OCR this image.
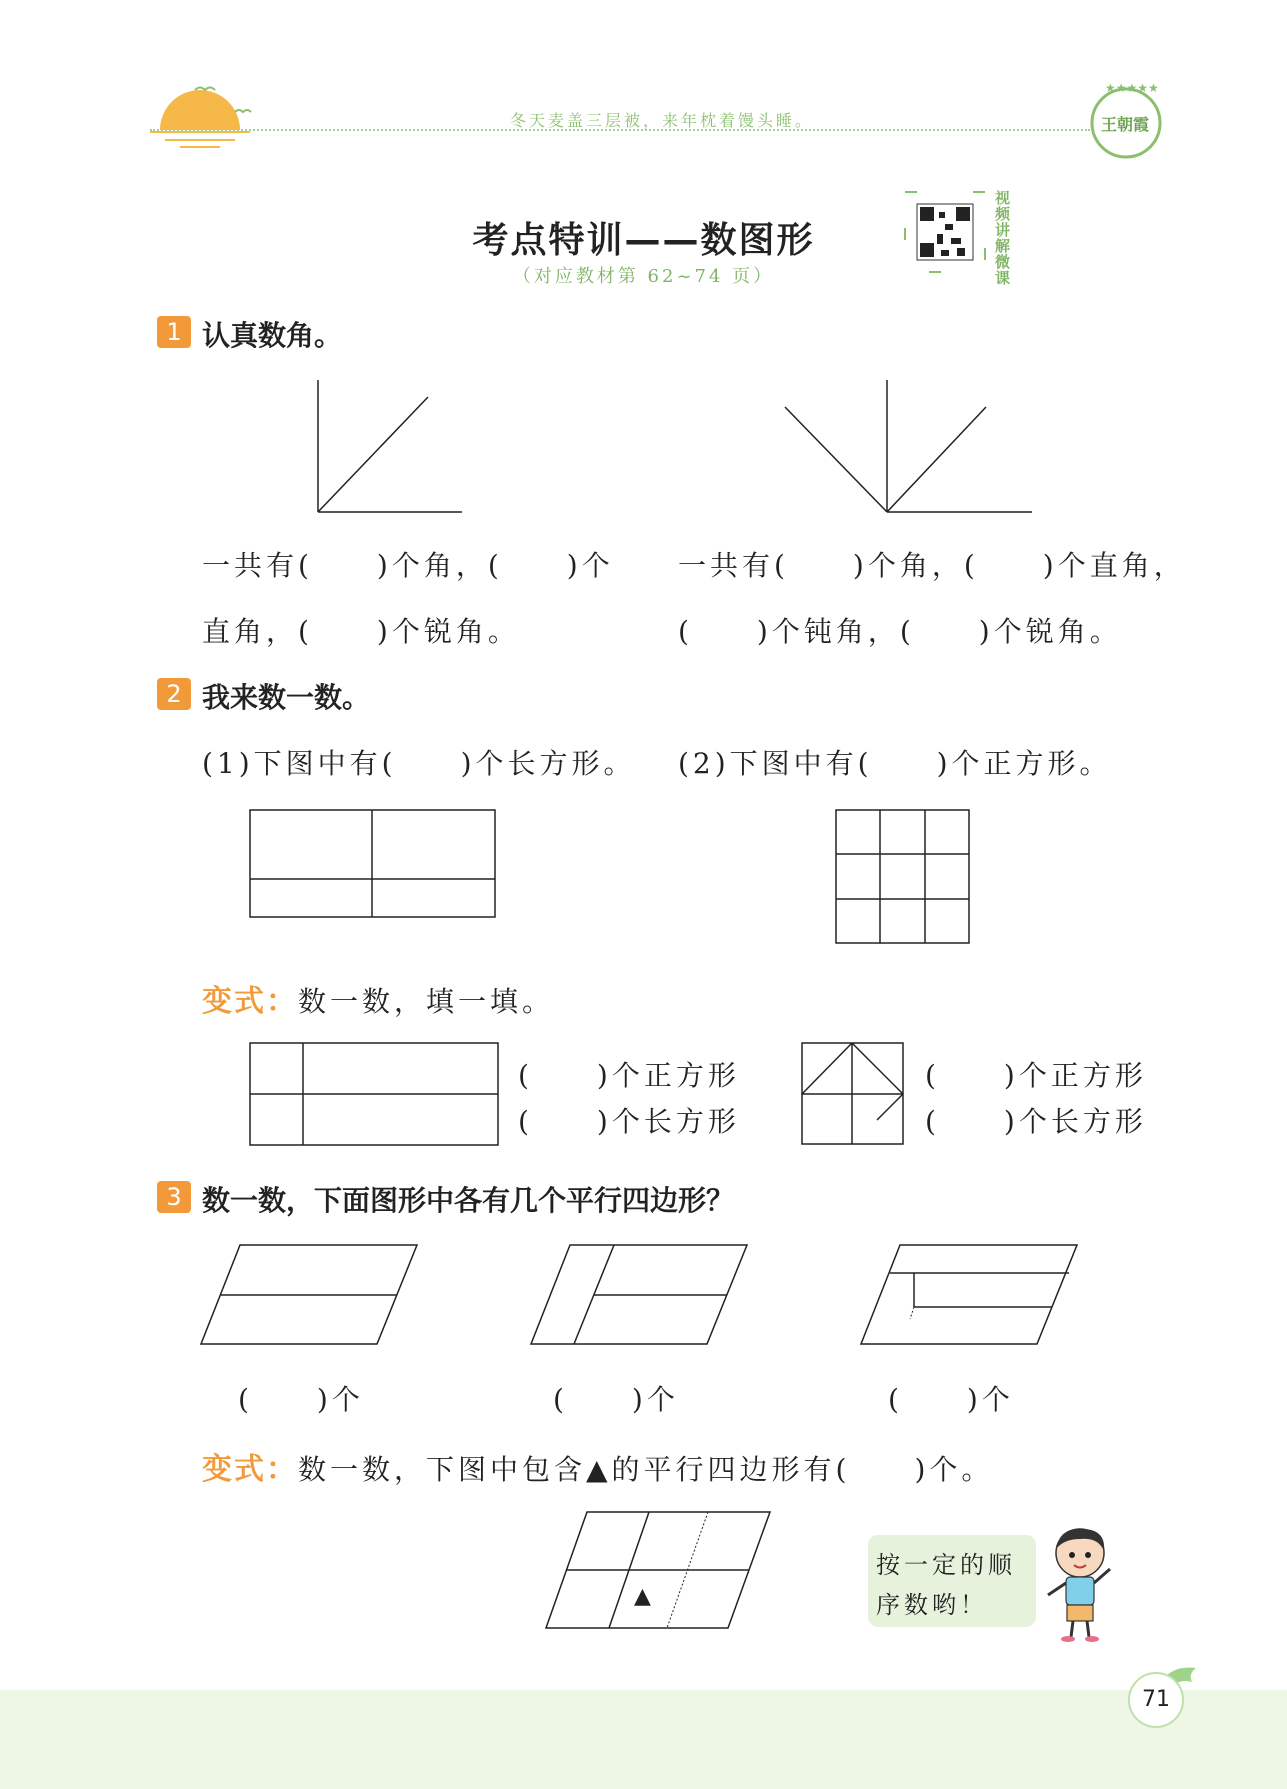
冬天麦盖三层被，来年枕着馒头睡。
★★★★★
王朝霞
考点特训——数图形
（对应教材第 62~74 页）
视频讲解微课
1 认真数角。
一共有(　　)个角，(　　)个
直角，(　　)个锐角。
一共有(　　)个角，(　　)个直角，
(　　)个钝角，(　　)个锐角。
2 我来数一数。
(1)下图中有(　　)个长方形。 (2)下图中有(　　)个正方形。
变式：数一数，填一填。
(　　)个正方形
(　　)个长方形
(　　)个正方形
(　　)个长方形
3 数一数，下面图形中各有几个平行四边形？
(　　)个	(　　)个	(　　)个
变式：数一数，下图中包含▲的平行四边形有(　　)个。
▲
按一定的顺
序数哟！
71
